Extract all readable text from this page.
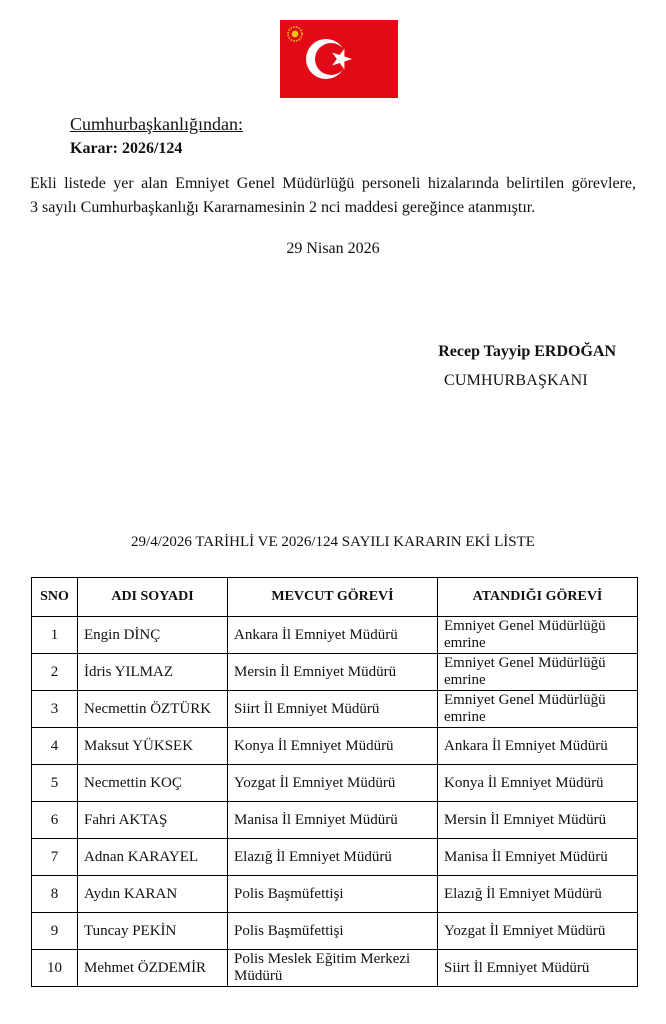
Cumhurbaşkanlığından:
Karar: 2026/124
Ekli listede yer alan Emniyet Genel Müdürlüğü personeli hizalarında belirtilen görevlere,
3 sayılı Cumhurbaşkanlığı Kararnamesinin 2 nci maddesi gereğince atanmıştır.
29 Nisan 2026
Recep Tayyip ERDOĞAN
CUMHURBAŞKANI
29/4/2026 TARİHLİ VE 2026/124 SAYILI KARARIN EKİ LİSTE
SNO	ADI SOYADI	MEVCUT GÖREVİ	ATANDIĞI GÖREVİ
1	Engin DİNÇ	Ankara İl Emniyet Müdürü	Emniyet Genel Müdürlüğü emrine
2	İdris YILMAZ	Mersin İl Emniyet Müdürü	Emniyet Genel Müdürlüğü emrine
3	Necmettin ÖZTÜRK	Siirt İl Emniyet Müdürü	Emniyet Genel Müdürlüğü emrine
4	Maksut YÜKSEK	Konya İl Emniyet Müdürü	Ankara İl Emniyet Müdürü
5	Necmettin KOÇ	Yozgat İl Emniyet Müdürü	Konya İl Emniyet Müdürü
6	Fahri AKTAŞ	Manisa İl Emniyet Müdürü	Mersin İl Emniyet Müdürü
7	Adnan KARAYEL	Elazığ İl Emniyet Müdürü	Manisa İl Emniyet Müdürü
8	Aydın KARAN	Polis Başmüfettişi	Elazığ İl Emniyet Müdürü
9	Tuncay PEKİN	Polis Başmüfettişi	Yozgat İl Emniyet Müdürü
10	Mehmet ÖZDEMİR	Polis Meslek Eğitim Merkezi Müdürü	Siirt İl Emniyet Müdürü
